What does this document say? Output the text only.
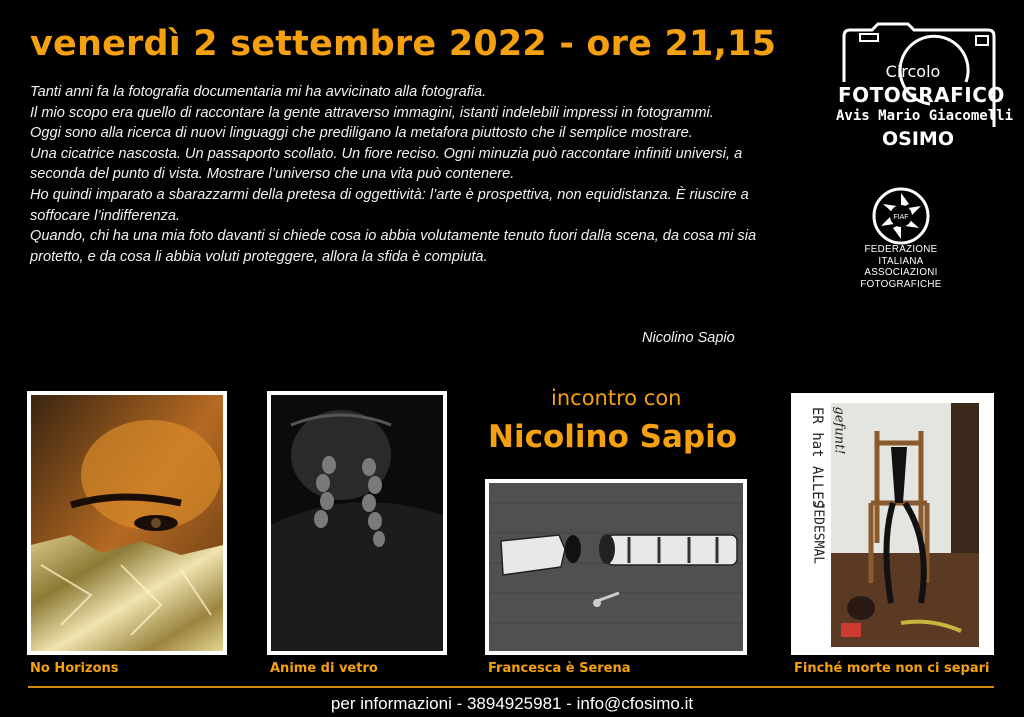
venerdì 2 settembre 2022 - ore 21,15

Tanti anni fa la fotografia documentaria mi ha avvicinato alla fotografia.

Il mio scopo era quello di raccontare la gente attraverso immagini, istanti indelebili impressi in fotogrammi.

Oggi sono alla ricerca di nuovi linguaggi che prediligano la metafora piuttosto che il semplice mostrare.

Una cicatrice nascosta. Un passaporto scollato. Un fiore reciso. Ogni minuzia può raccontare infiniti universi, a seconda del punto di vista. Mostrare l’universo che una vita può contenere.

Ho quindi imparato a sbarazzarmi della pretesa di oggettività: l’arte è prospettiva, non equidistanza. È riuscire a soffocare l’indifferenza.

Quando, chi ha una mia foto davanti si chiede cosa io abbia volutamente tenuto fuori dalla scena, da cosa mi sia protetto, e da cosa li abbia voluti proteggere, allora la sfida è compiuta.

Nicolino Sapio
Circolo
FOTOGRAFICO
Avis Mario Giacomelli
OSIMO
FIAF
FEDERAZIONE
ITALIANA
ASSOCIAZIONI
FOTOGRAFICHE
incontro con
Nicolino Sapio
No Horizons	Anime di vetro	Francesca è Serena
ER hat ALLES gefunt!
JEDESMAL
Finché morte non ci separi
per informazioni - 3894925981 - info@cfosimo.it
